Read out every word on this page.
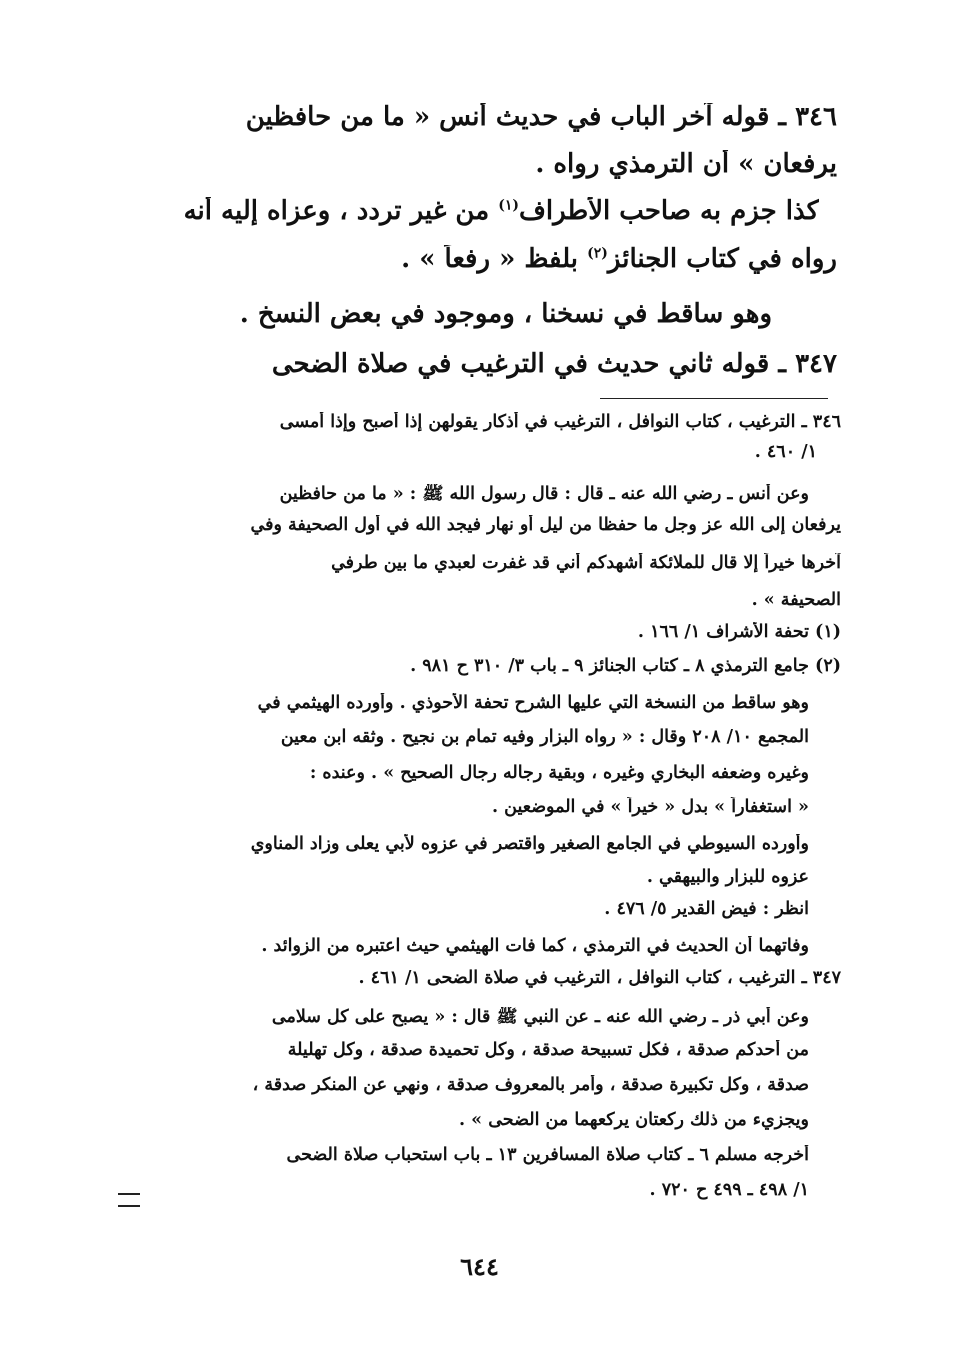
٣٤٦ ـ قوله آخر الباب في حديث أنس « ما من حافظين
يرفعان » أن الترمذي رواه .
كذا جزم به صاحب الأطراف$^{(١)}$ من غير تردد ، وعزاه إليه أنه
رواه في كتاب الجنائز$^{(٢)}$ بلفظ « رفعاً » .
وهو ساقط في نسخنا ، وموجود في بعض النسخ .
٣٤٧ ـ قوله ثاني حديث في الترغيب في صلاة الضحى
٣٤٦ ـ الترغيب ، كتاب النوافل ، الترغيب في أذكار يقولهن إذا أصبح وإذا أمسى
١/ ٤٦٠ .
وعن أنس ـ رضي الله عنه ـ قال : قال رسول الله ﷺ : « ما من حافظين
يرفعان إلى الله عز وجل ما حفظا من ليل أو نهار فيجد الله في أول الصحيفة وفي
آخرها خيراً إلا قال للملائكة أشهدكم أني قد غفرت لعبدي ما بين طرفي
الصحيفة » .
(١) تحفة الأشراف ١/ ١٦٦ .
(٢) جامع الترمذي ٨ ـ كتاب الجنائز ٩ ـ باب ٣/ ٣١٠ ح ٩٨١ .
وهو ساقط من النسخة التي عليها الشرح تحفة الأحوذي . وأورده الهيثمي في
المجمع ١٠/ ٢٠٨ وقال : « رواه البزار وفيه تمام بن نجيح . وثقه ابن معين
وغيره وضعفه البخاري وغيره ، وبقية رجاله رجال الصحيح » . وعنده :
« استغفاراً » بدل « خيراً » في الموضعين .
وأورده السيوطي في الجامع الصغير واقتصر في عزوه لأبي يعلى وزاد المناوي
عزوه للبزار والبيهقي .
انظر : فيض القدير ٥/ ٤٧٦ .
وفاتهما أن الحديث في الترمذي ، كما فات الهيثمي حيث اعتبره من الزوائد .
٣٤٧ ـ الترغيب ، كتاب النوافل ، الترغيب في صلاة الضحى ١/ ٤٦١ .
وعن أبي ذر ـ رضي الله عنه ـ عن النبي ﷺ قال : « يصبح على كل سلامى
من أحدكم صدقة ، فكل تسبيحة صدقة ، وكل تحميدة صدقة ، وكل تهليلة
صدقة ، وكل تكبيرة صدقة ، وأمر بالمعروف صدقة ، ونهي عن المنكر صدقة ،
ويجزيء من ذلك ركعتان يركعهما من الضحى » .
أخرجه مسلم ٦ ـ كتاب صلاة المسافرين ١٣ ـ باب استحباب صلاة الضحى
١/ ٤٩٨ ـ ٤٩٩ ح ٧٢٠ .
٦٤٤
